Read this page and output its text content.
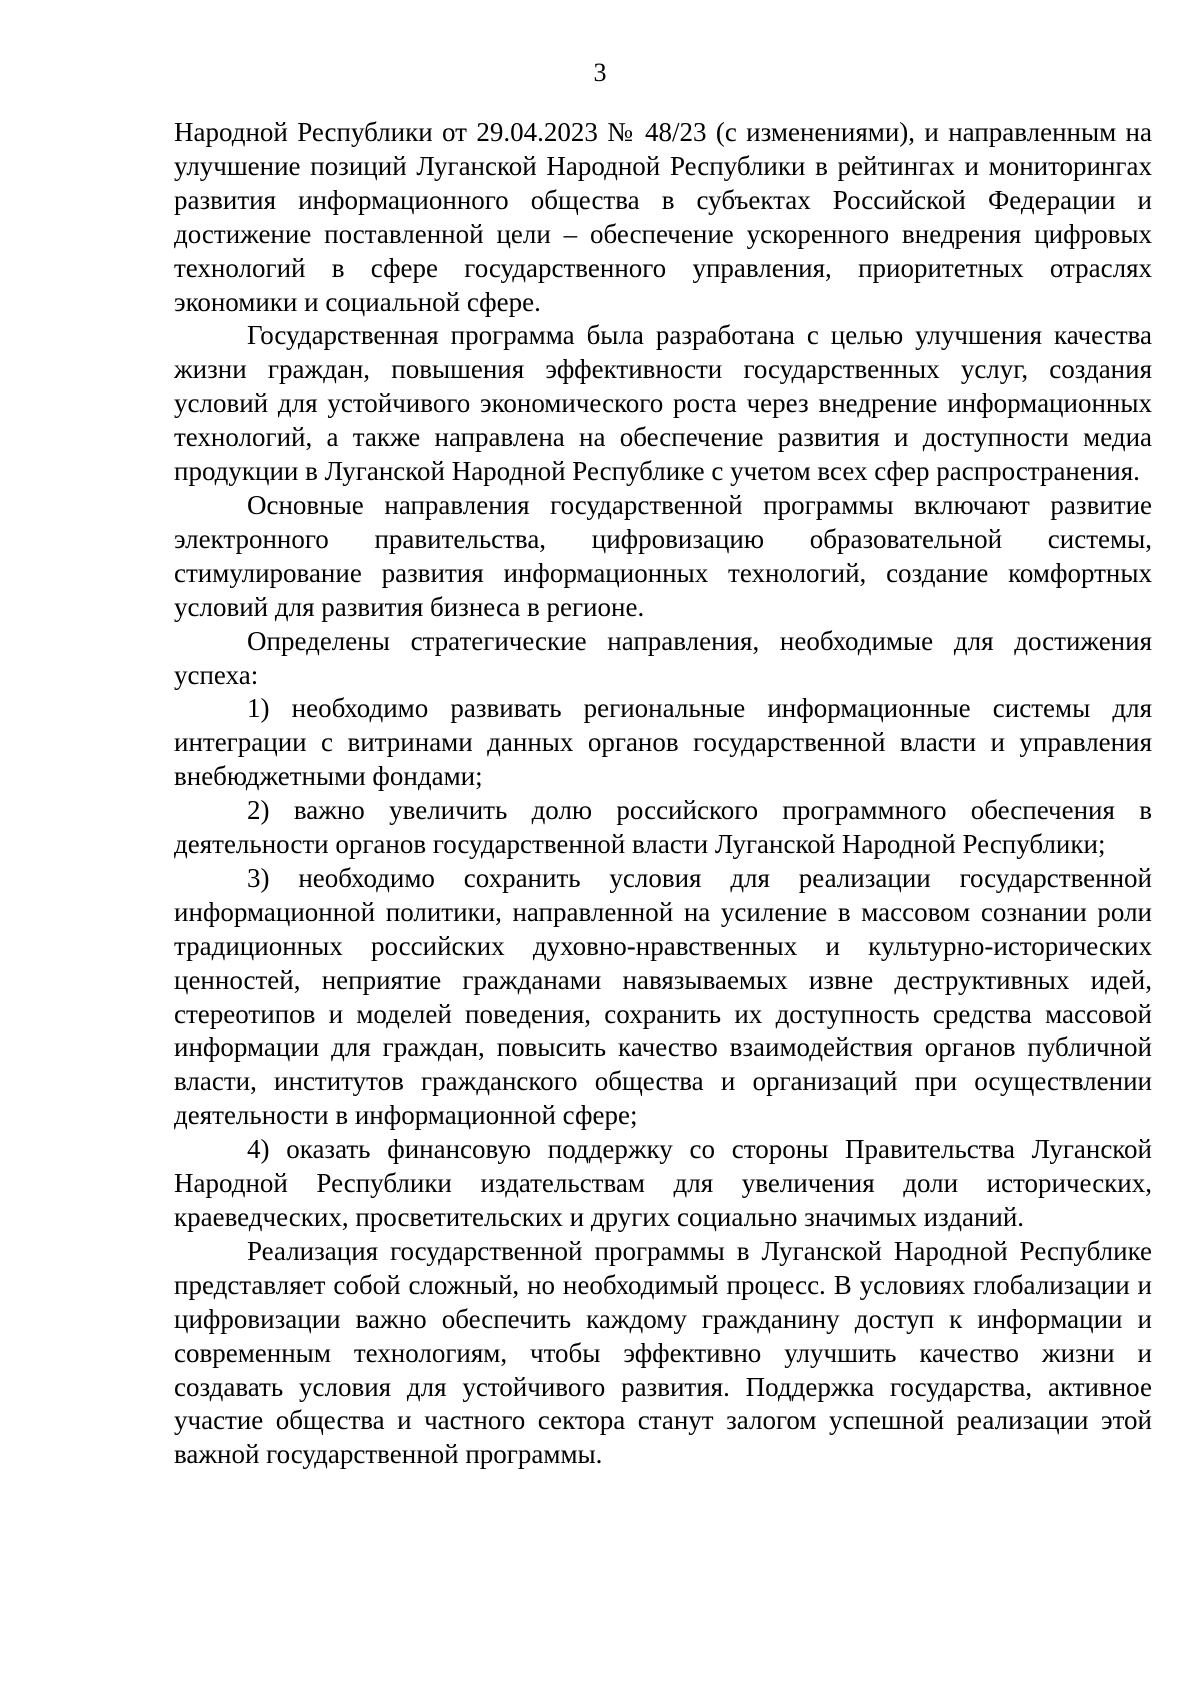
3

Народной Республики от 29.04.2023 № 48/23 (с изменениями), и направленным на улучшение позиций Луганской Народной Республики в рейтингах и мониторингах развития информационного общества в субъектах Российской Федерации и достижение поставленной цели – обеспечение ускоренного внедрения цифровых технологий в сфере государственного управления, приоритетных отраслях экономики и социальной сфере.

Государственная программа была разработана с целью улучшения качества жизни граждан, повышения эффективности государственных услуг, создания условий для устойчивого экономического роста через внедрение информационных технологий, а также направлена на обеспечение развития и доступности медиа продукции в Луганской Народной Республике с учетом всех сфер распространения.

Основные направления государственной программы включают развитие электронного правительства, цифровизацию образовательной системы, стимулирование развития информационных технологий, создание комфортных условий для развития бизнеса в регионе.

Определены стратегические направления, необходимые для достижения успеха:

1) необходимо развивать региональные информационные системы для интеграции с витринами данных органов государственной власти и управления внебюджетными фондами;

2) важно увеличить долю российского программного обеспечения в деятельности органов государственной власти Луганской Народной Республики;

3) необходимо сохранить условия для реализации государственной информационной политики, направленной на усиление в массовом сознании роли традиционных российских духовно-нравственных и культурно-исторических ценностей, неприятие гражданами навязываемых извне деструктивных идей, стереотипов и моделей поведения, сохранить их доступность средства массовой информации для граждан, повысить качество взаимодействия органов публичной власти, институтов гражданского общества и организаций при осуществлении деятельности в информационной сфере;

4) оказать финансовую поддержку со стороны Правительства Луганской Народной Республики издательствам для увеличения доли исторических, краеведческих, просветительских и других социально значимых изданий.

Реализация государственной программы в Луганской Народной Республике представляет собой сложный, но необходимый процесс. В условиях глобализации и цифровизации важно обеспечить каждому гражданину доступ к информации и современным технологиям, чтобы эффективно улучшить качество жизни и создавать условия для устойчивого развития. Поддержка государства, активное участие общества и частного сектора станут залогом успешной реализации этой важной государственной программы.
